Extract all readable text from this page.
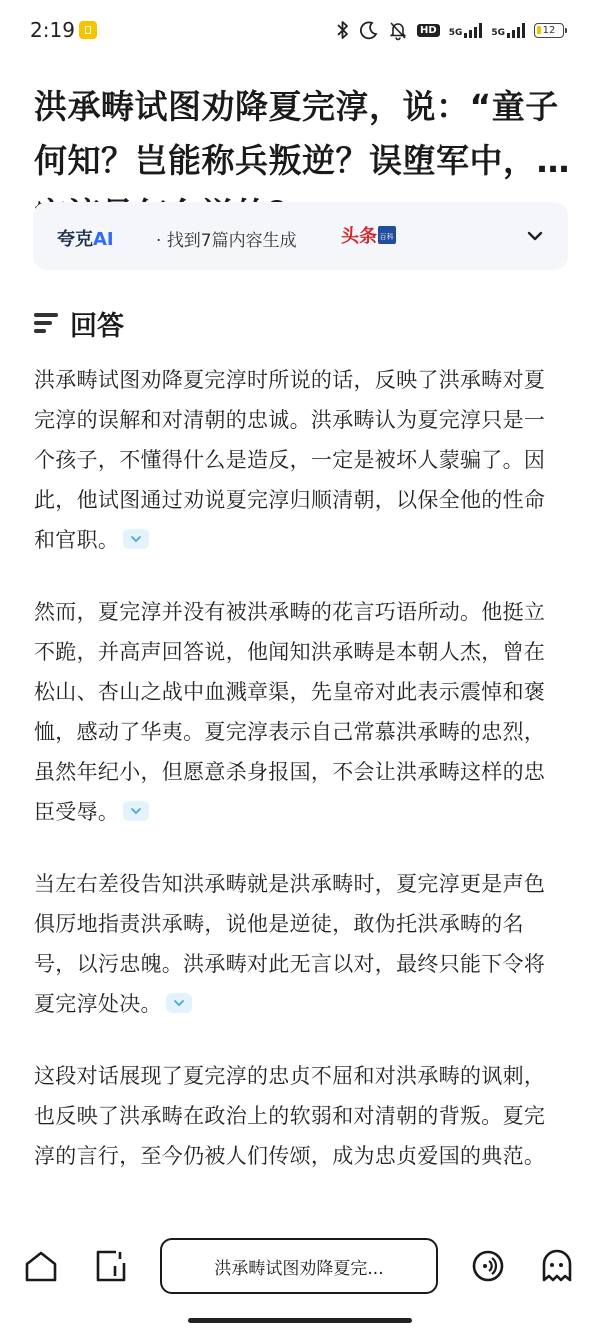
2:19	HD	5G	5G	12
洪承畴试图劝降夏完淳，说：“童子何知？岂能称兵叛逆？误堕军中，夏
夸克AI · 找到7篇内容生成 头条 百科
回答

洪承畴试图劝降夏完淳时所说的话，反映了洪承畴对夏完淳的误解和对清朝的忠诚。洪承畴认为夏完淳只是一个孩子，不懂得什么是造反，一定是被坏人蒙骗了。因此，他试图通过劝说夏完淳归顺清朝，以保全他的性命和官职。

然而，夏完淳并没有被洪承畴的花言巧语所动。他挺立不跪，并高声回答说，他闻知洪承畴是本朝人杰，曾在松山、杏山之战中血溅章渠，先皇帝对此表示震悼和褒恤，感动了华夷。夏完淳表示自己常慕洪承畴的忠烈，虽然年纪小，但愿意杀身报国，不会让洪承畴这样的忠臣受辱。

当左右差役告知洪承畴就是洪承畴时，夏完淳更是声色俱厉地指责洪承畴，说他是逆徒，敢伪托洪承畴的名号，以污忠魄。洪承畴对此无言以对，最终只能下令将夏完淳处决。

这段对话展现了夏完淳的忠贞不屈和对洪承畴的讽刺，也反映了洪承畴在政治上的软弱和对清朝的背叛。夏完淳的言行，至今仍被人们传颂，成为忠贞爱国的典范。

洪承畴试图劝降夏完...
